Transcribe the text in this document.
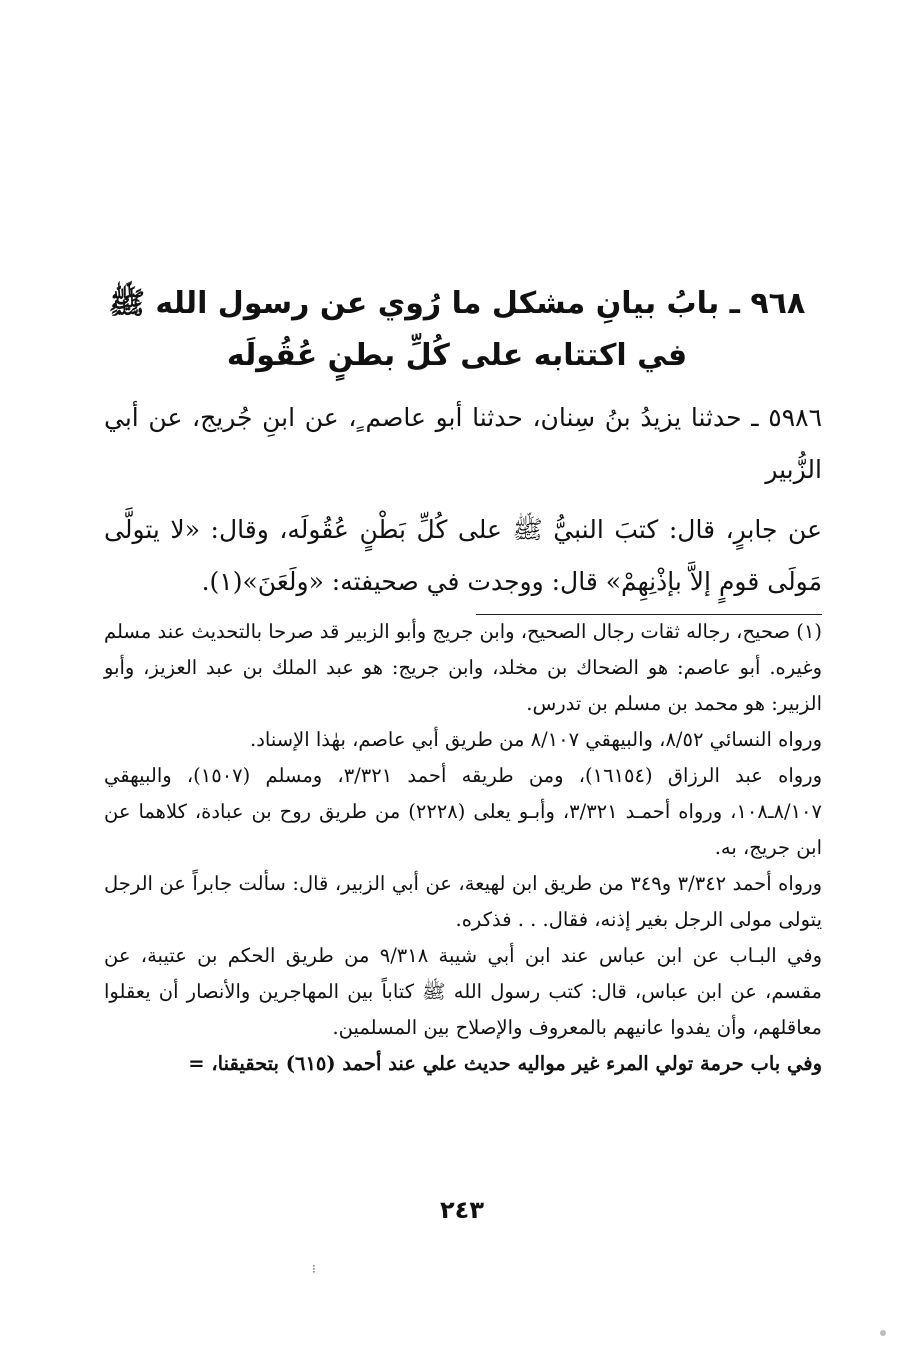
٩٦٨ ـ بابُ بيانِ مشكل ما رُوي عن رسول الله ﷺ
في اكتتابه على كُلِّ بطنٍ عُقُولَه
٥٩٨٦ ـ حدثنا يزيدُ بنُ سِنان، حدثنا أبو عاصم ٍ، عن ابنِ جُريج، عن أبي الزُّبير
عن جابرٍ، قال: كتبَ النبيُّ ﷺ على كُلِّ بَطْنٍ عُقُولَه، وقال: «لا يتولَّى مَولَى قومٍ إلاَّ بإذْنِهِمْ» قال: ووجدت في صحيفته: «ولَعَنَ»(١).

(١) صحيح، رجاله ثقات رجال الصحيح، وابن جريج وأبو الزبير قد صرحا بالتحديث عند مسلم وغيره. أبو عاصم: هو الضحاك بن مخلد، وابن جريج: هو عبد الملك بن عبد العزيز، وأبو الزبير: هو محمد بن مسلم بن تدرس.

ورواه النسائي ٨/٥٢، والبيهقي ٨/١٠٧ من طريق أبي عاصم، بهٰذا الإسناد.

ورواه عبد الرزاق (١٦١٥٤)، ومن طريقه أحمد ٣/٣٢١، ومسلم (١٥٠٧)، والبيهقي ٨/١٠٧ـ١٠٨، ورواه أحمـد ٣/٣٢١، وأبـو يعلى (٢٢٢٨) من طريق روح بن عبادة، كلاهما عن ابن جريج، به.

ورواه أحمد ٣/٣٤٢ و٣٤٩ من طريق ابن لهيعة، عن أبي الزبير، قال: سألت جابراً عن الرجل يتولى مولى الرجل بغير إذنه، فقال. . . فذكره.

وفي البـاب عن ابن عباس عند ابن أبي شيبة ٩/٣١٨ من طريق الحكم بن عتيبة، عن مقسم، عن ابن عباس، قال: كتب رسول الله ﷺ كتاباً بين المهاجرين والأنصار أن يعقلوا معاقلهم، وأن يفدوا عانيهم بالمعروف والإصلاح بين المسلمين.

وفي باب حرمة تولي المرء غير مواليه حديث علي عند أحمد (٦١٥) بتحقيقنا، =

٢٤٣
⁝
